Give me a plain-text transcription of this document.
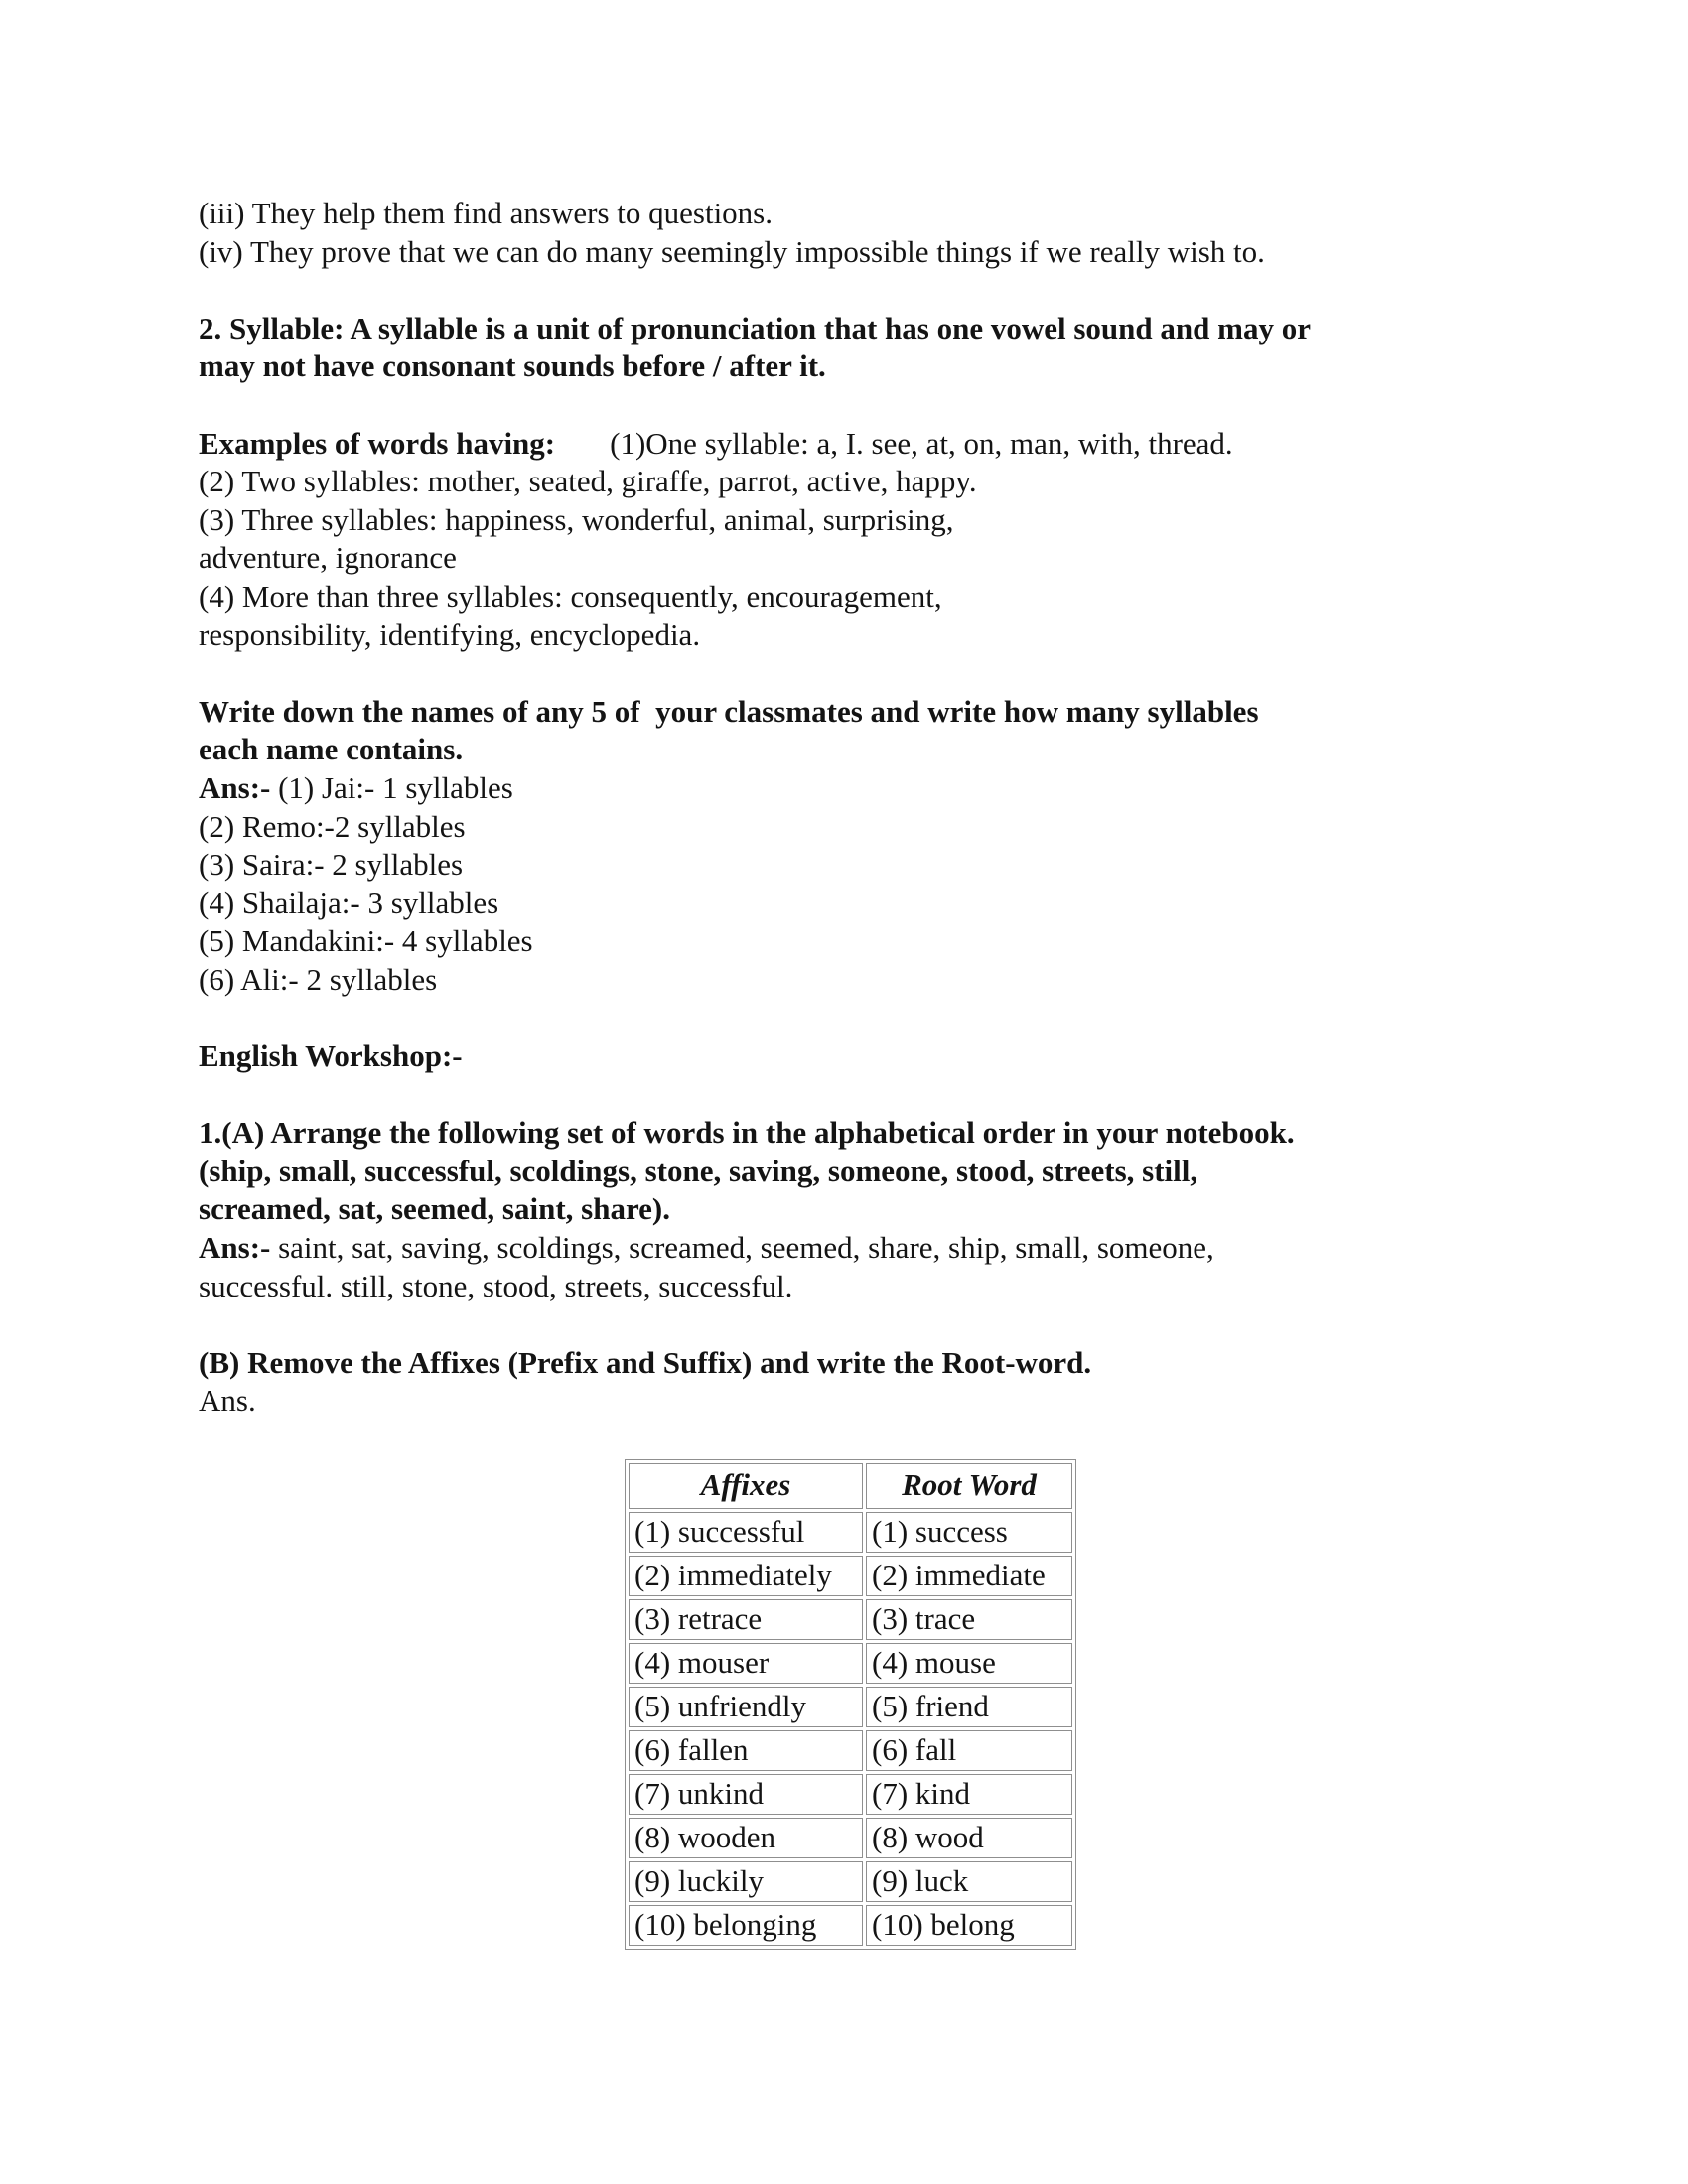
(iii) They help them find answers to questions.
(iv) They prove that we can do many seemingly impossible things if we really wish to.
2. Syllable: A syllable is a unit of pronunciation that has one vowel sound and may or
may not have consonant sounds before / after it.
Examples of words having: (1)One syllable: a, I. see, at, on, man, with, thread.
(2) Two syllables: mother, seated, giraffe, parrot, active, happy.
(3) Three syllables: happiness, wonderful, animal, surprising,
adventure, ignorance
(4) More than three syllables: consequently, encouragement,
responsibility, identifying, encyclopedia.
Write down the names of any 5 of  your classmates and write how many syllables
each name contains.
Ans:- (1) Jai:- 1 syllables
(2) Remo:-2 syllables
(3) Saira:- 2 syllables
(4) Shailaja:- 3 syllables
(5) Mandakini:- 4 syllables
(6) Ali:- 2 syllables
English Workshop:-
1.(A) Arrange the following set of words in the alphabetical order in your notebook.
(ship, small, successful, scoldings, stone, saving, someone, stood, streets, still,
screamed, sat, seemed, saint, share).
Ans:- saint, sat, saving, scoldings, screamed, seemed, share, ship, small, someone,
successful. still, stone, stood, streets, successful.
(B) Remove the Affixes (Prefix and Suffix) and write the Root-word.
Ans.
Affixes	Root Word
(1) successful	(1) success
(2) immediately	(2) immediate
(3) retrace	(3) trace
(4) mouser	(4) mouse
(5) unfriendly	(5) friend
(6) fallen	(6) fall
(7) unkind	(7) kind
(8) wooden	(8) wood
(9) luckily	(9) luck
(10) belonging	(10) belong
